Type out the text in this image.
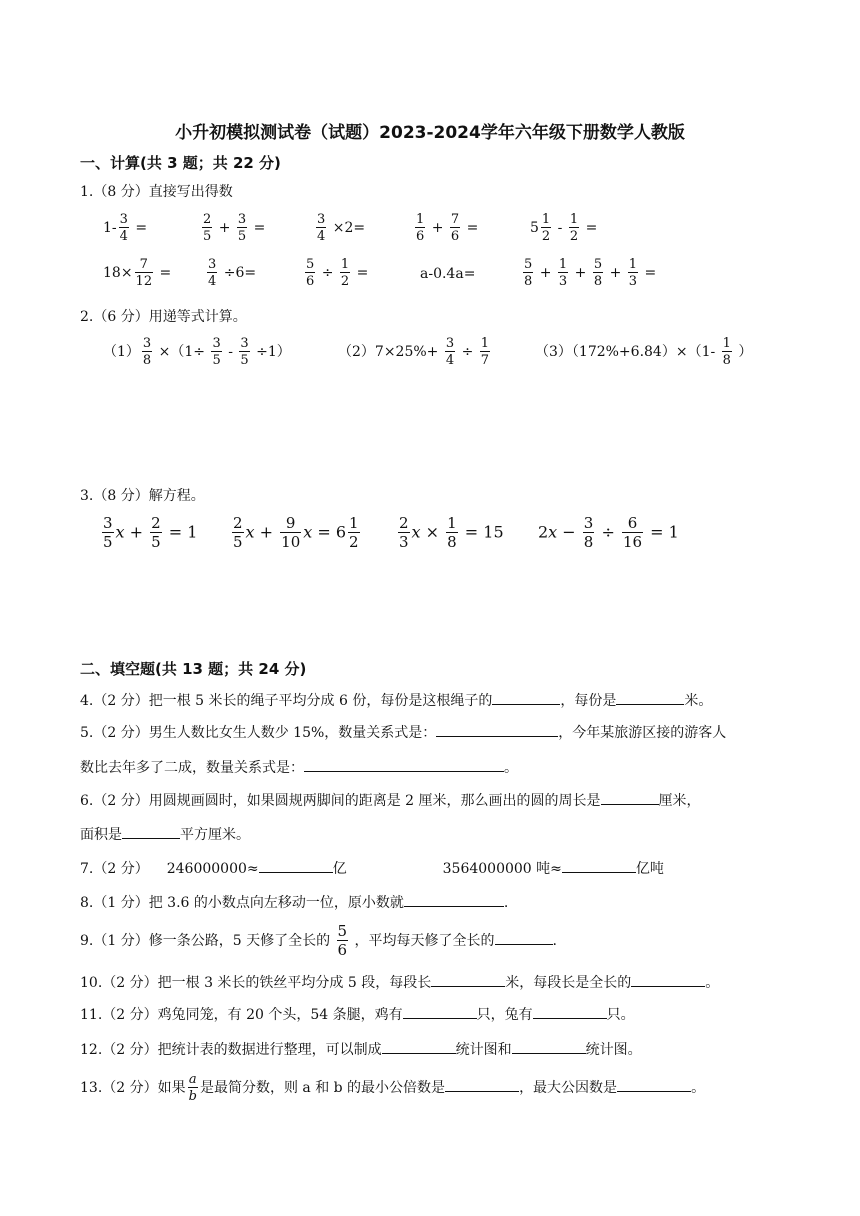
小升初模拟测试卷（试题）2023-2024学年六年级下册数学人教版
一、计算(共 3 题；共 22 分)
1.（8 分）直接写出得数
$1- \frac{3}{4}$ =	$\frac{2}{5} + \frac{3}{5}$ =	$\frac{3}{4} \times 2=$	$\frac{1}{6} + \frac{7}{6}$ =	$5 \frac{1}{2} - \frac{1}{2}$ =
$18\times \frac{7}{12}$ =	$\frac{3}{4} \div 6=$	$\frac{5}{6} \div \frac{1}{2}$ =	a-0.4a=	$\frac{5}{8} + \frac{1}{3} + \frac{5}{8} + \frac{1}{3}$ =
2.（6 分）用递等式计算。
$(1) \frac{3}{8} \times(1\div \frac{3}{5} - \frac{3}{5} \div 1)$	$(2)7\times 25\%+ \frac{3}{4} \div \frac{1}{7}$	$(3)(172\%+6.84)\times(1- \frac{1}{8}$ ）
3.（8 分）解方程。
$\frac{3}{5}$ 𝑥 + $\frac{2}{5} = 1 \frac{2}{5}$ 𝑥 + $\frac{9}{10}$ 𝑥 = $6 \frac{1}{2}$	$\frac{2}{3}$ 𝑥 × $\frac{1}{8} = 15$ 2𝑥 − $\frac{3}{8} \div \frac{6}{16} = 1$
二、填空题(共 13 题；共 24 分)
4.（2 分）把一根 5 米长的绳子平均分成 6 份，每份是这根绳子的	，每份是	米。
5.（2 分）男生人数比女生人数少 15%，数量关系式是：	，今年某旅游区接的游客人
数比去年多了二成，数量关系式是：	。
6.（2 分）用圆规画圆时，如果圆规两脚间的距离是 2 厘米，那么画出的圆的周长是	厘米，
面积是	平方厘米。
7.（2 分） 246000000≈	亿	3564000000 吨≈	亿吨
8.（1 分）把 3.6 的小数点向左移动一位，原小数就	.
9.（1 分）修一条公路，5 天修了全长的 $\frac{5}{6}$ ，平均每天修了全长的	.
10.（2 分）把一根 3 米长的铁丝平均分成 5 段，每段长	米，每段长是全长的	。
11.（2 分）鸡兔同笼，有 20 个头，54 条腿，鸡有	只，兔有	只。
12.（2 分）把统计表的数据进行整理，可以制成	统计图和	统计图。
13.（2 分）如果
𝑎
𝑏
是最简分数，则 a 和 b 的最小公倍数是	，最大公因数是	。
